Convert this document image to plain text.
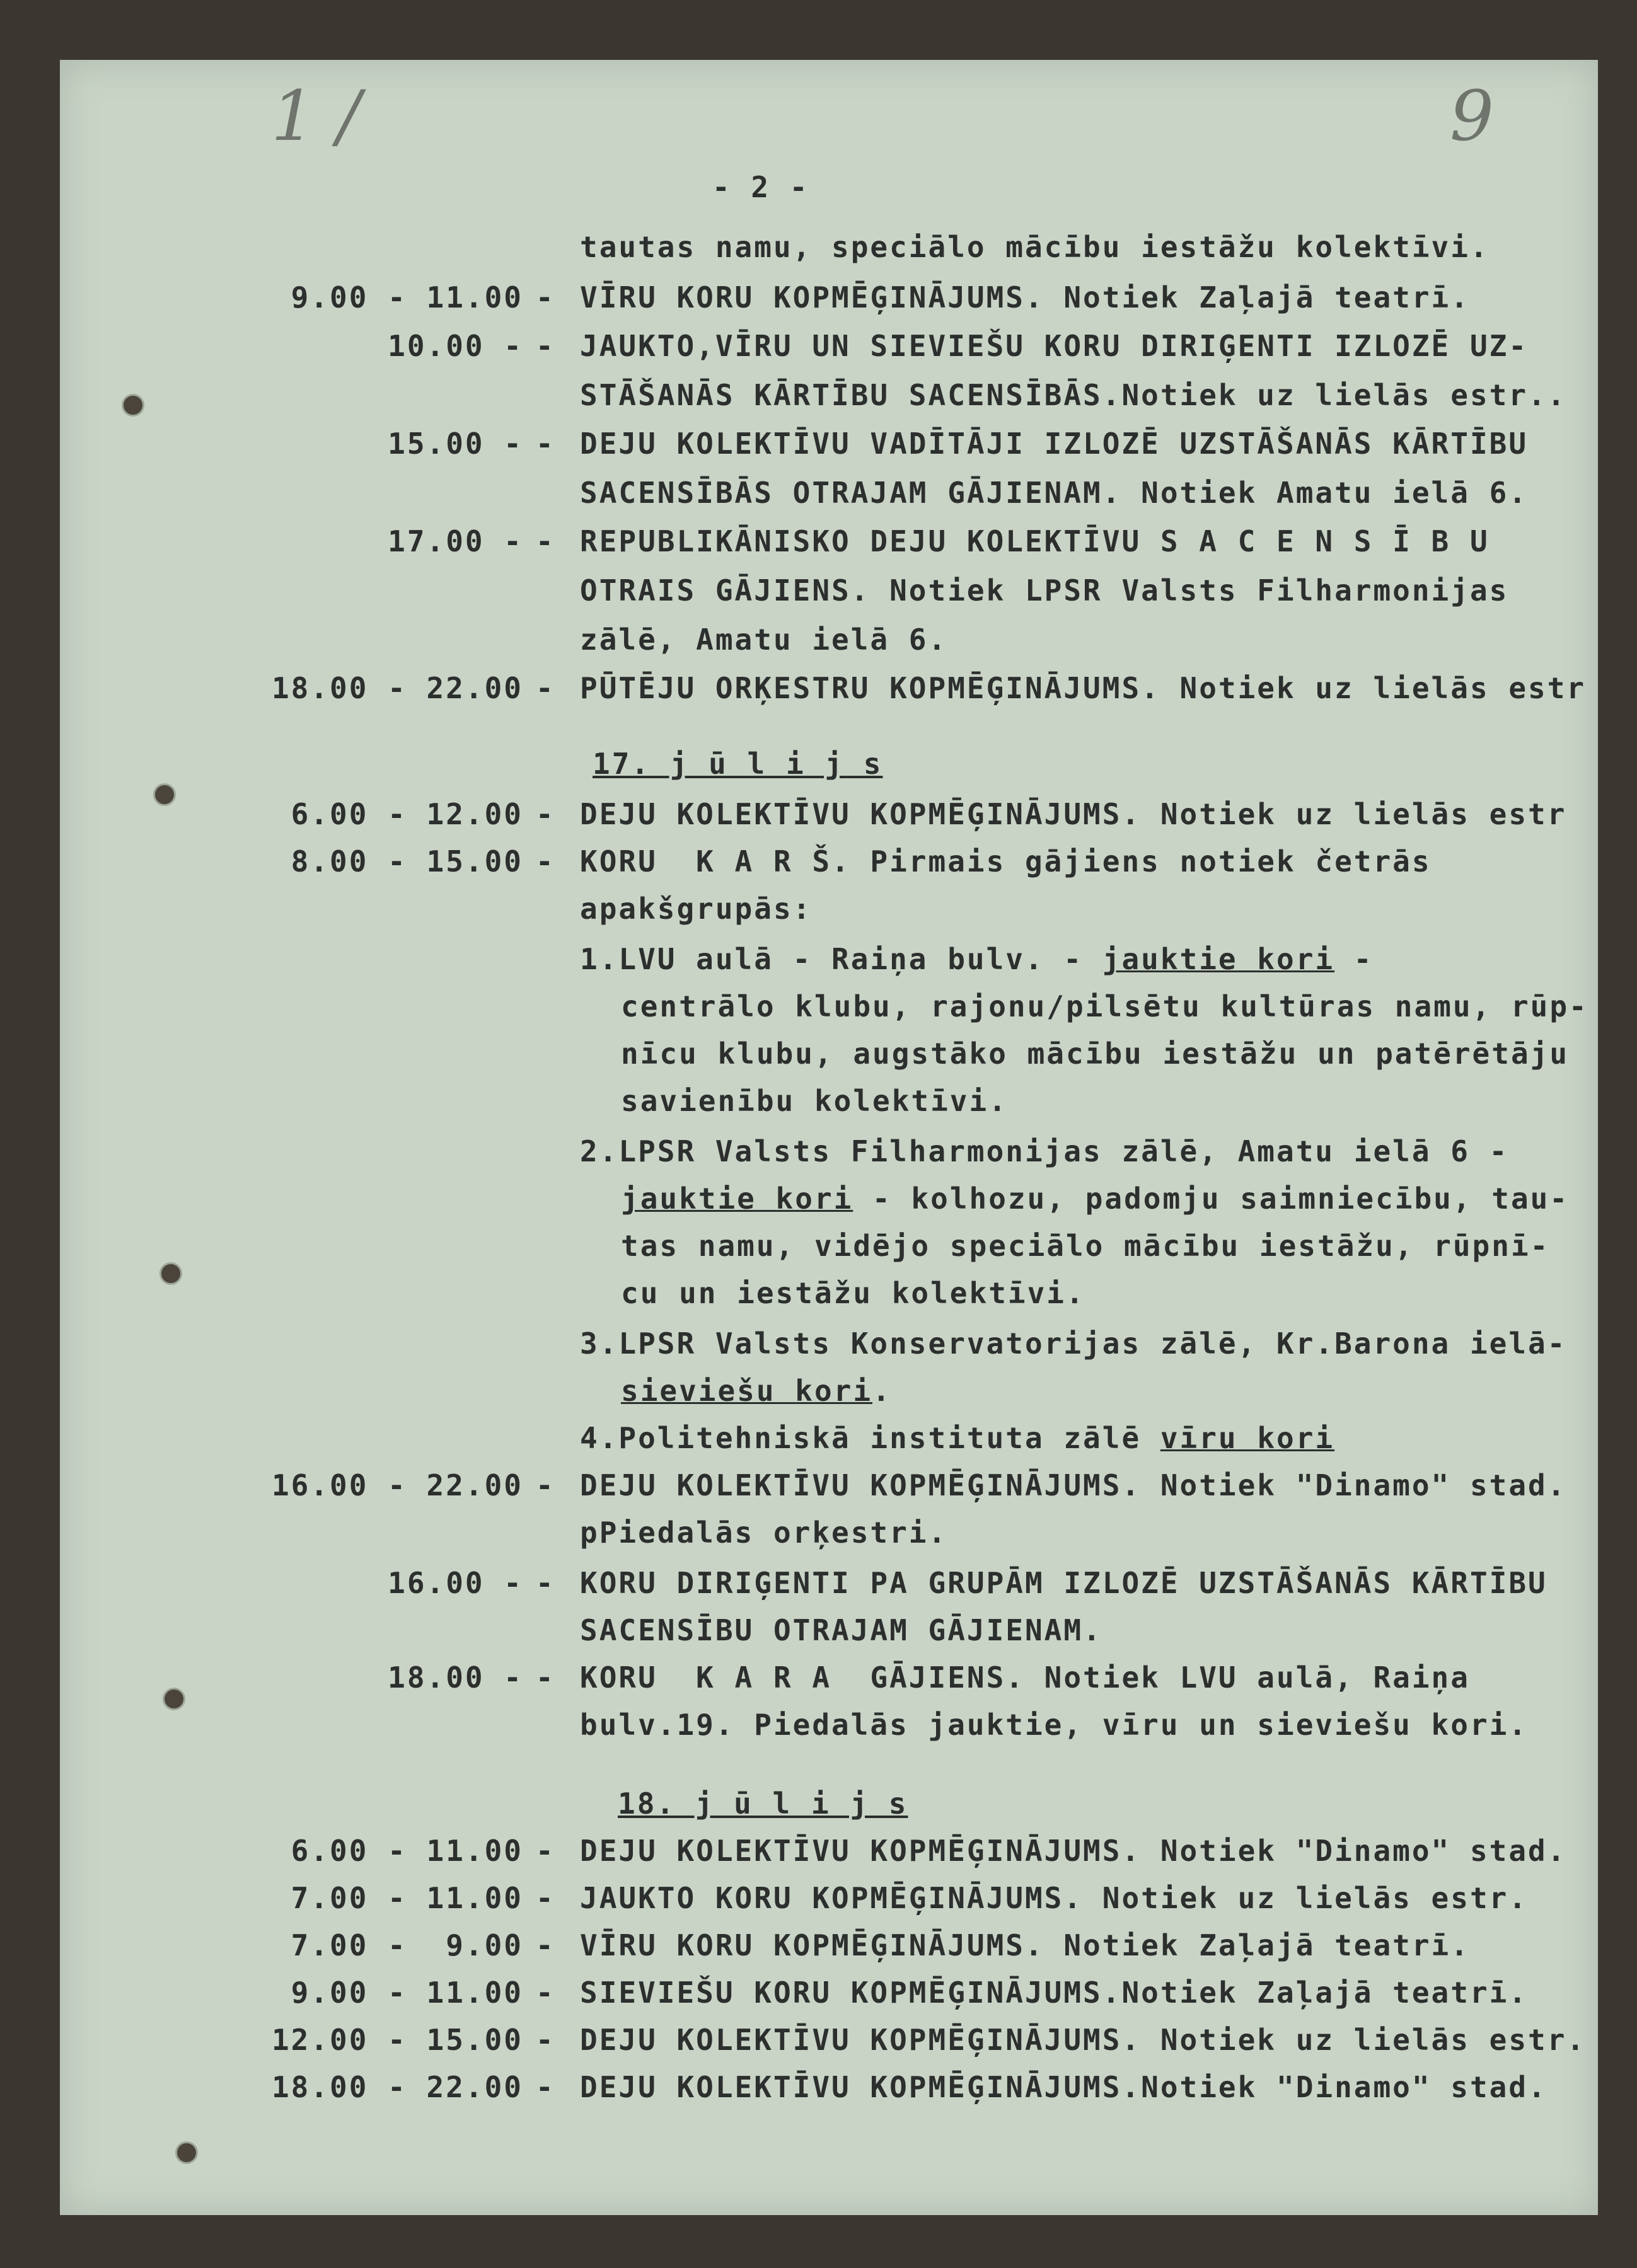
9
1 /
- 2 -
tautas namu, speciālo mācību iestāžu kolektīvi.
9.00 - 11.00 - VĪRU KORU KOPMĒĢINĀJUMS. Notiek Zaļajā teatrī.
10.00 - - JAUKTO,VĪRU UN SIEVIEŠU KORU DIRIĢENTI IZLOZĒ UZ-
STĀŠANĀS KĀRTĪBU SACENSĪBĀS.Notiek uz lielās estr..
15.00 - - DEJU KOLEKTĪVU VADĪTĀJI IZLOZĒ UZSTĀŠANĀS KĀRTĪBU
SACENSĪBĀS OTRAJAM GĀJIENAM. Notiek Amatu ielā 6.
17.00 - - REPUBLIKĀNISKO DEJU KOLEKTĪVU S A C E N S Ī B U
OTRAIS GĀJIENS. Notiek LPSR Valsts Filharmonijas
zālē, Amatu ielā 6.
18.00 - 22.00 - PŪTĒJU ORĶESTRU KOPMĒĢINĀJUMS. Notiek uz lielās estr
17. j ū l i j s
6.00 - 12.00 - DEJU KOLEKTĪVU KOPMĒĢINĀJUMS. Notiek uz lielās estr
8.00 - 15.00 - KORU  K A R Š. Pirmais gājiens notiek četrās
apakšgrupās:
1.LVU aulā - Raiņa bulv. - jauktie kori -
centrālo klubu, rajonu/pilsētu kultūras namu, rūp-
nīcu klubu, augstāko mācību iestāžu un patērētāju
savienību kolektīvi.
2.LPSR Valsts Filharmonijas zālē, Amatu ielā 6 -
jauktie kori - kolhozu, padomju saimniecību, tau-
tas namu, vidējo speciālo mācību iestāžu, rūpnī-
cu un iestāžu kolektīvi.
3.LPSR Valsts Konservatorijas zālē, Kr.Barona ielā-
sieviešu kori.
4.Politehniskā instituta zālē vīru kori
16.00 - 22.00 - DEJU KOLEKTĪVU KOPMĒĢINĀJUMS. Notiek "Dinamo" stad.
pPiedalās orķestri.
16.00 - - KORU DIRIĢENTI PA GRUPĀM IZLOZĒ UZSTĀŠANĀS KĀRTĪBU
SACENSĪBU OTRAJAM GĀJIENAM.
18.00 - - KORU  K A R A  GĀJIENS. Notiek LVU aulā, Raiņa
bulv.19. Piedalās jauktie, vīru un sieviešu kori.
18. j ū l i j s
6.00 - 11.00 - DEJU KOLEKTĪVU KOPMĒĢINĀJUMS. Notiek "Dinamo" stad.
7.00 - 11.00 - JAUKTO KORU KOPMĒĢINĀJUMS. Notiek uz lielās estr.
7.00 -  9.00 - VĪRU KORU KOPMĒĢINĀJUMS. Notiek Zaļajā teatrī.
9.00 - 11.00 - SIEVIEŠU KORU KOPMĒĢINĀJUMS.Notiek Zaļajā teatrī.
12.00 - 15.00 - DEJU KOLEKTĪVU KOPMĒĢINĀJUMS. Notiek uz lielās estr.
18.00 - 22.00 - DEJU KOLEKTĪVU KOPMĒĢINĀJUMS.Notiek "Dinamo" stad.
